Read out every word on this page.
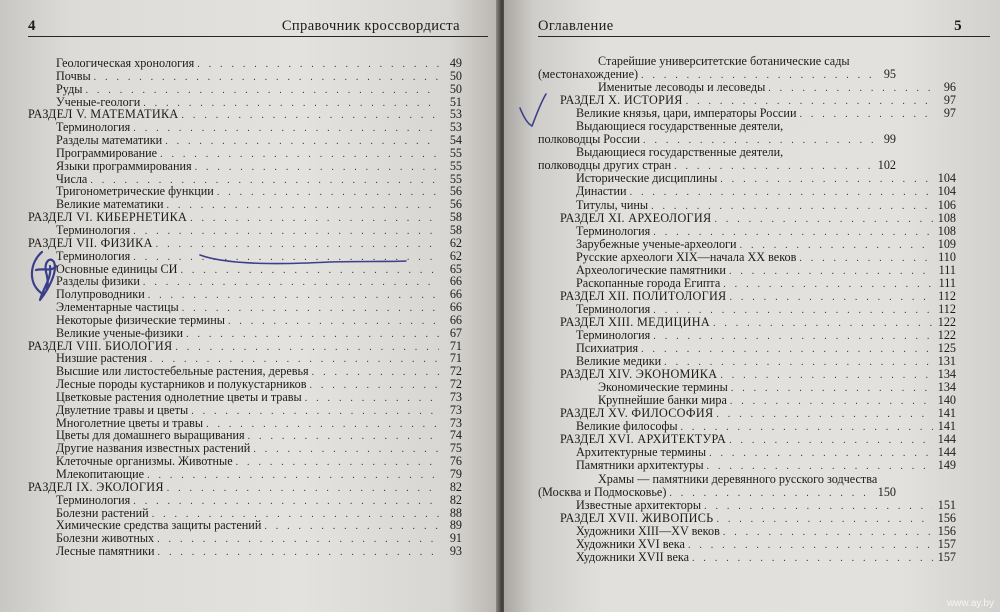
4	Справочник кроссвордиста
Геологическая хронология . . .	49
Почвы . . .	50
Руды . . .	50
Ученые-геологи . . .	51
РАЗДЕЛ V. МАТЕМАТИКА . . .	53
Терминология . . .	53
Разделы математики . . .	54
Программирование . . .	55
Языки программирования . . .	55
Числа . . .	55
Тригонометрические функции . . .	56
Великие математики . . .	56
РАЗДЕЛ VI. КИБЕРНЕТИКА . . .	58
Терминология . . .	58
РАЗДЕЛ VII. ФИЗИКА . . .	62
Терминология . . .	62
Основные единицы СИ . . .	65
Разделы физики . . .	66
Полупроводники . . .	66
Элементарные частицы . . .	66
Некоторые физические термины . . .	66
Великие ученые-физики . . .	67
РАЗДЕЛ VIII. БИОЛОГИЯ . . .	71
Низшие растения . . .	71
Высшие или листостебельные растения, деревья . . .	72
Лесные породы кустарников и полукустарников . . .	72
Цветковые растения однолетние цветы и травы . . .	73
Двулетние травы и цветы . . .	73
Многолетние цветы и травы . . .	73
Цветы для домашнего выращивания . . .	74
Другие названия известных растений . . .	75
Клеточные организмы. Животные . . .	76
Млекопитающие . . .	79
РАЗДЕЛ IX. ЭКОЛОГИЯ . . .	82
Терминология . . .	82
Болезни растений . . .	88
Химические средства защиты растений . . .	89
Болезни животных . . .	91
Лесные памятники . . .	93
Оглавление	5
Старейшие университетские ботанические сады
(местонахождение) . . .	95
Именитые лесоводы и лесоведы . . .	96
РАЗДЕЛ X. ИСТОРИЯ . . .	97
Великие князья, цари, императоры России . . .	97
Выдающиеся государственные деятели,
полководцы России . . .	99
Выдающиеся государственные деятели,
полководцы других стран . . .	102
Исторические дисциплины . . .	104
Династии . . .	104
Титулы, чины . . .	106
РАЗДЕЛ XI. АРХЕОЛОГИЯ . . .	108
Терминология . . .	108
Зарубежные ученые-археологи . . .	109
Русские археологи XIX—начала XX веков . . .	110
Археологические памятники . . .	111
Раскопанные города Египта . . .	111
РАЗДЕЛ XII. ПОЛИТОЛОГИЯ . . .	112
Терминология . . .	112
РАЗДЕЛ XIII. МЕДИЦИНА . . .	122
Терминология . . .	122
Психиатрия . . .	125
Великие медики . . .	131
РАЗДЕЛ XIV. ЭКОНОМИКА . . .	134
Экономические термины . . .	134
Крупнейшие банки мира . . .	140
РАЗДЕЛ XV. ФИЛОСОФИЯ . . .	141
Великие философы . . .	141
РАЗДЕЛ XVI. АРХИТЕКТУРА . . .	144
Архитектурные термины . . .	144
Памятники архитектуры . . .	149
Храмы — памятники деревянного русского зодчества
(Москва и Подмосковье) . . .	150
Известные архитекторы . . .	151
РАЗДЕЛ XVII. ЖИВОПИСЬ . . .	156
Художники XIII—XV веков . . .	156
Художники XVI века . . .	157
Художники XVII века . . .	157
www.ay.by
